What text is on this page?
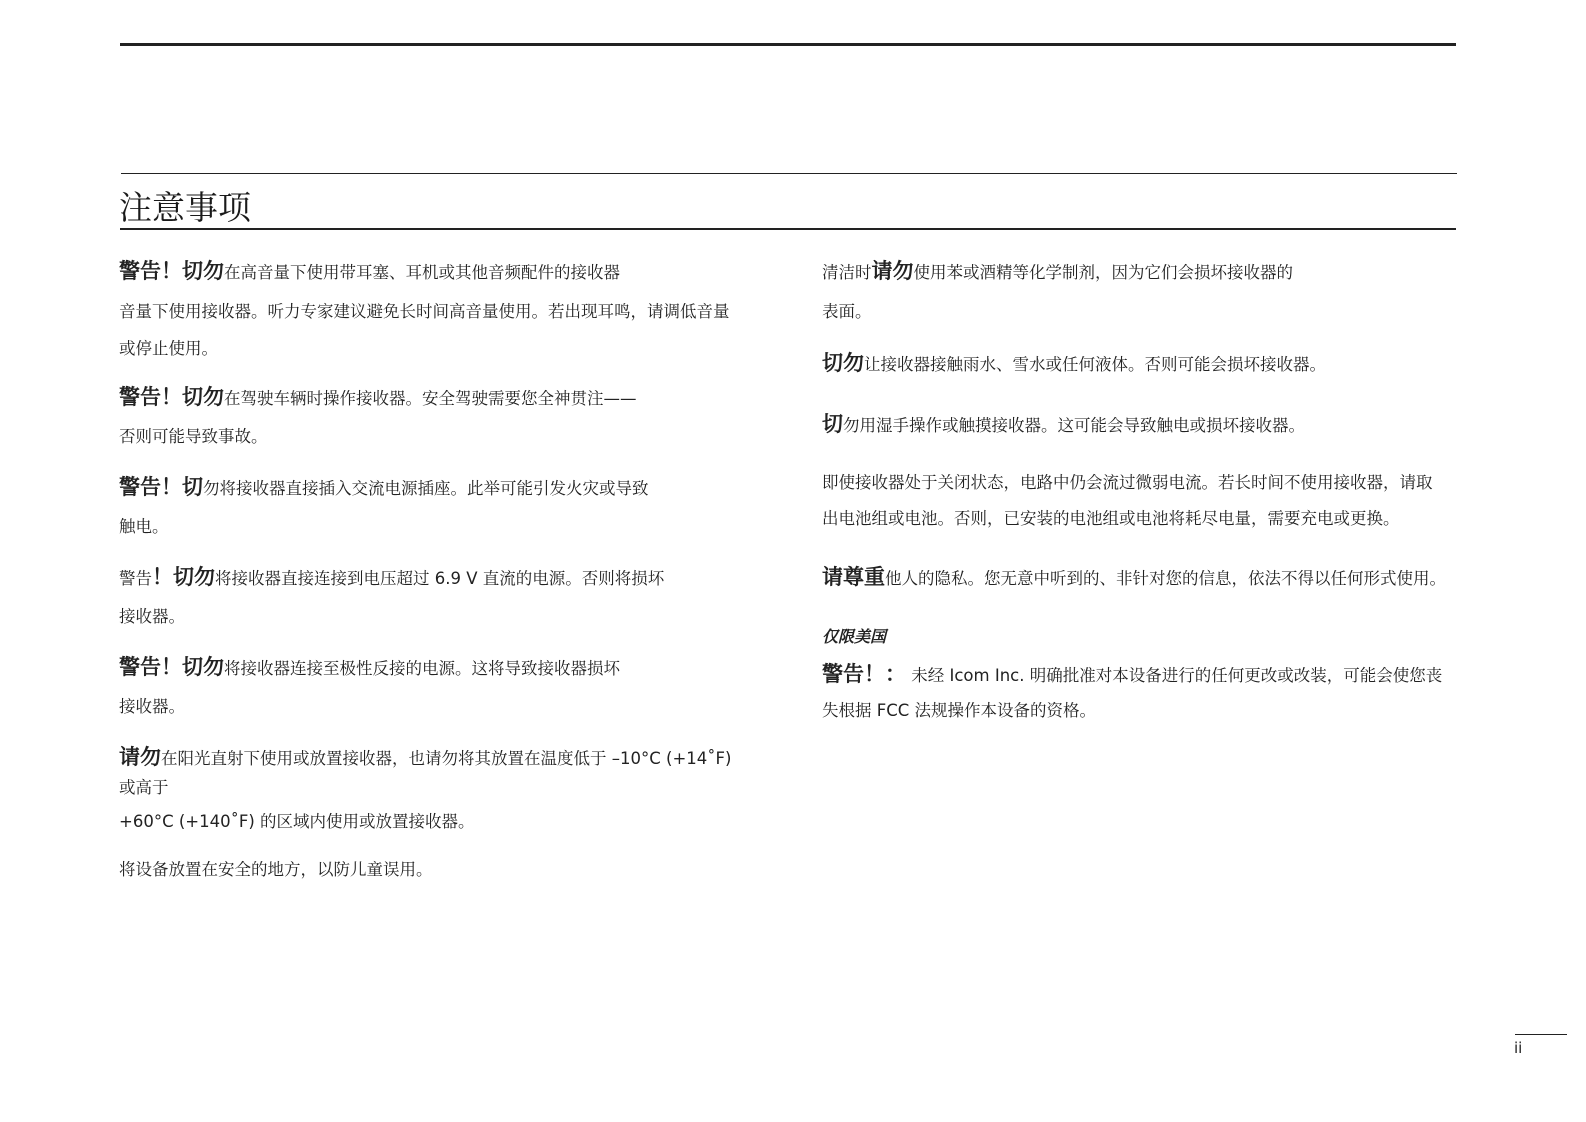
注意事项
警告！切勿在高音量下使用带耳塞、耳机或其他音频配件的接收器
音量下使用接收器。听力专家建议避免长时间高音量使用。若出现耳鸣，请调低音量
或停止使用。
警告！切勿在驾驶车辆时操作接收器。安全驾驶需要您全神贯注——
否则可能导致事故。
警告！切勿将接收器直接插入交流电源插座。此举可能引发火灾或导致
触电。
警告！切勿将接收器直接连接到电压超过 6.9 V 直流的电源。否则将损坏
接收器。
警告！切勿将接收器连接至极性反接的电源。这将导致接收器损坏
接收器。
请勿在阳光直射下使用或放置接收器，也请勿将其放置在温度低于 –10°C (+14˚F)
或高于
+60°C (+140˚F) 的区域内使用或放置接收器。
将设备放置在安全的地方，以防儿童误用。
清洁时请勿使用苯或酒精等化学制剂，因为它们会损坏接收器的
表面。
切勿让接收器接触雨水、雪水或任何液体。否则可能会损坏接收器。
切勿用湿手操作或触摸接收器。这可能会导致触电或损坏接收器。
即使接收器处于关闭状态，电路中仍会流过微弱电流。若长时间不使用接收器，请取
出电池组或电池。否则，已安装的电池组或电池将耗尽电量，需要充电或更换。
请尊重他人的隐私。您无意中听到的、非针对您的信息，依法不得以任何形式使用。
仅限美国
警告！： 未经 Icom Inc. 明确批准对本设备进行的任何更改或改装，可能会使您丧
失根据 FCC 法规操作本设备的资格。
ii
